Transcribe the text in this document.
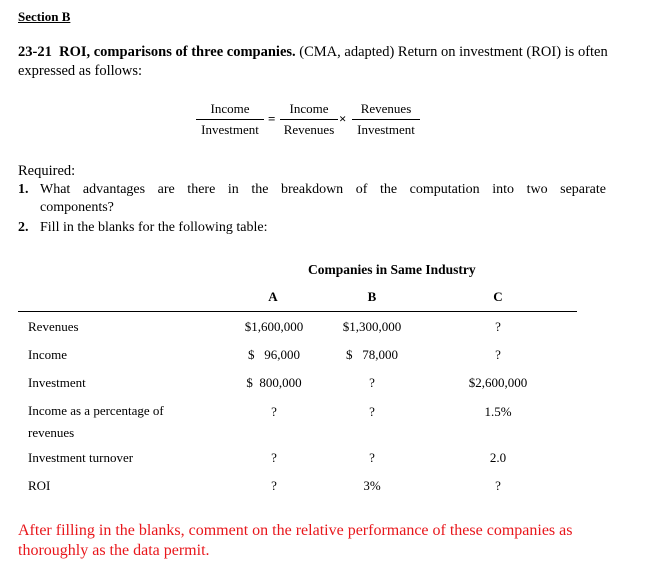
Section B
23-21 ROI, comparisons of three companies. (CMA, adapted) Return on investment (ROI) is often expressed as follows:
Income
Investment
=
Income
Revenues
×
Revenues
Investment
Required:
1. What advantages are there in the breakdown of the computation into two separate
components?
2. Fill in the blanks for the following table:
Companies in Same Industry
A	B	C
Revenues	$1,600,000	$1,300,000	?
Income	$   96,000	$   78,000	?
Investment	$  800,000	?	$2,600,000
Income as a percentage of
revenues
?	?	1.5%
Investment turnover	?	?	2.0
ROI	?	3%	?
After filling in the blanks, comment on the relative performance of these companies as thoroughly as the data permit.
